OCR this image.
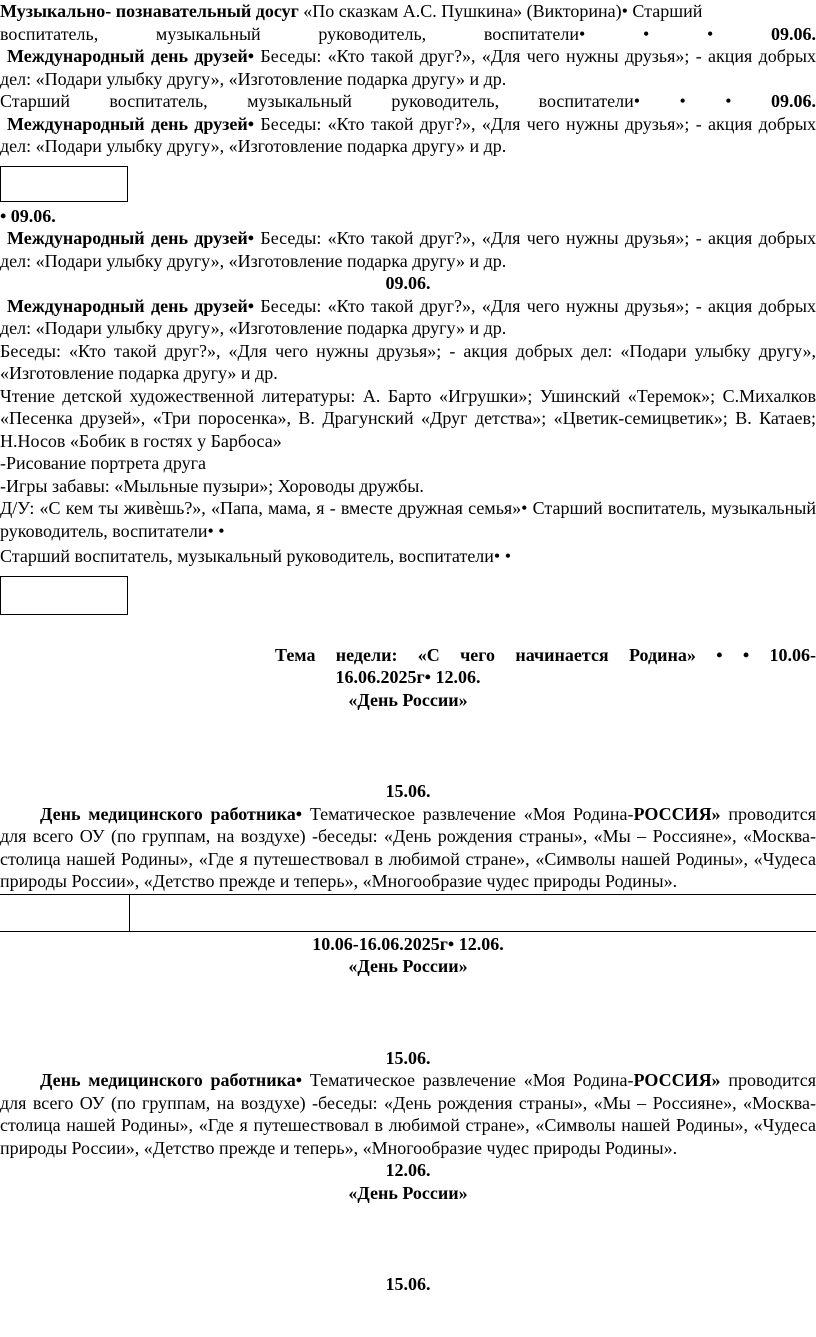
Музыкально- познавательный досуг «По сказкам А.С. Пушкина» (Викторина)• Старший

воспитатель, музыкальный руководитель, воспитатели• • •	09.06.

Международный день друзей• Беседы: «Кто такой друг?», «Для чего нужны друзья»; - акция добрых дел: «Подари улыбку другу», «Изготовление подарка другу» и др.

Старший воспитатель, музыкальный руководитель, воспитатели• • • 09.06.

Международный день друзей• Беседы: «Кто такой друг?», «Для чего нужны друзья»; - акция добрых дел: «Подари улыбку другу», «Изготовление подарка другу» и др.

• 09.06.

Международный день друзей• Беседы: «Кто такой друг?», «Для чего нужны друзья»; - акция добрых дел: «Подари улыбку другу», «Изготовление подарка другу» и др.

09.06.

Международный день друзей• Беседы: «Кто такой друг?», «Для чего нужны друзья»; - акция добрых дел: «Подари улыбку другу», «Изготовление подарка другу» и др.

Беседы: «Кто такой друг?», «Для чего нужны друзья»; - акция добрых дел: «Подари улыбку другу», «Изготовление подарка другу» и др.

Чтение детской художественной литературы: А. Барто «Игрушки»; Ушинский «Теремок»; С.Михалков «Песенка друзей», «Три поросенка», В. Драгунский «Друг детства»; «Цветик-семицветик»; В. Катаев; Н.Носов «Бобик в гостях у Барбоса»

-Рисование портрета друга

-Игры забавы: «Мыльные пузыри»; Хороводы дружбы.

Д/У: «С кем ты живѐшь?», «Папа, мама, я - вместе дружная семья»• Старший воспитатель, музыкальный руководитель, воспитатели• •

Старший воспитатель, музыкальный руководитель, воспитатели• •

Тема недели: «С чего начинается Родина» • • 10.06-

16.06.2025г• 12.06.

«День России»

15.06.

День медицинского работника• Тематическое развлечение «Моя Родина-РОССИЯ» проводится для всего ОУ (по группам, на воздухе) -беседы: «День рождения страны», «Мы – Россияне», «Москва-столица нашей Родины», «Где я путешествовал в любимой стране», «Символы нашей Родины», «Чудеса природы России», «Детство прежде и теперь», «Многообразие чудес природы Родины».

10.06-16.06.2025г• 12.06.

«День России»

15.06.

День медицинского работника• Тематическое развлечение «Моя Родина-РОССИЯ» проводится для всего ОУ (по группам, на воздухе) -беседы: «День рождения страны», «Мы – Россияне», «Москва-столица нашей Родины», «Где я путешествовал в любимой стране», «Символы нашей Родины», «Чудеса природы России», «Детство прежде и теперь», «Многообразие чудес природы Родины».

12.06.

«День России»

15.06.
